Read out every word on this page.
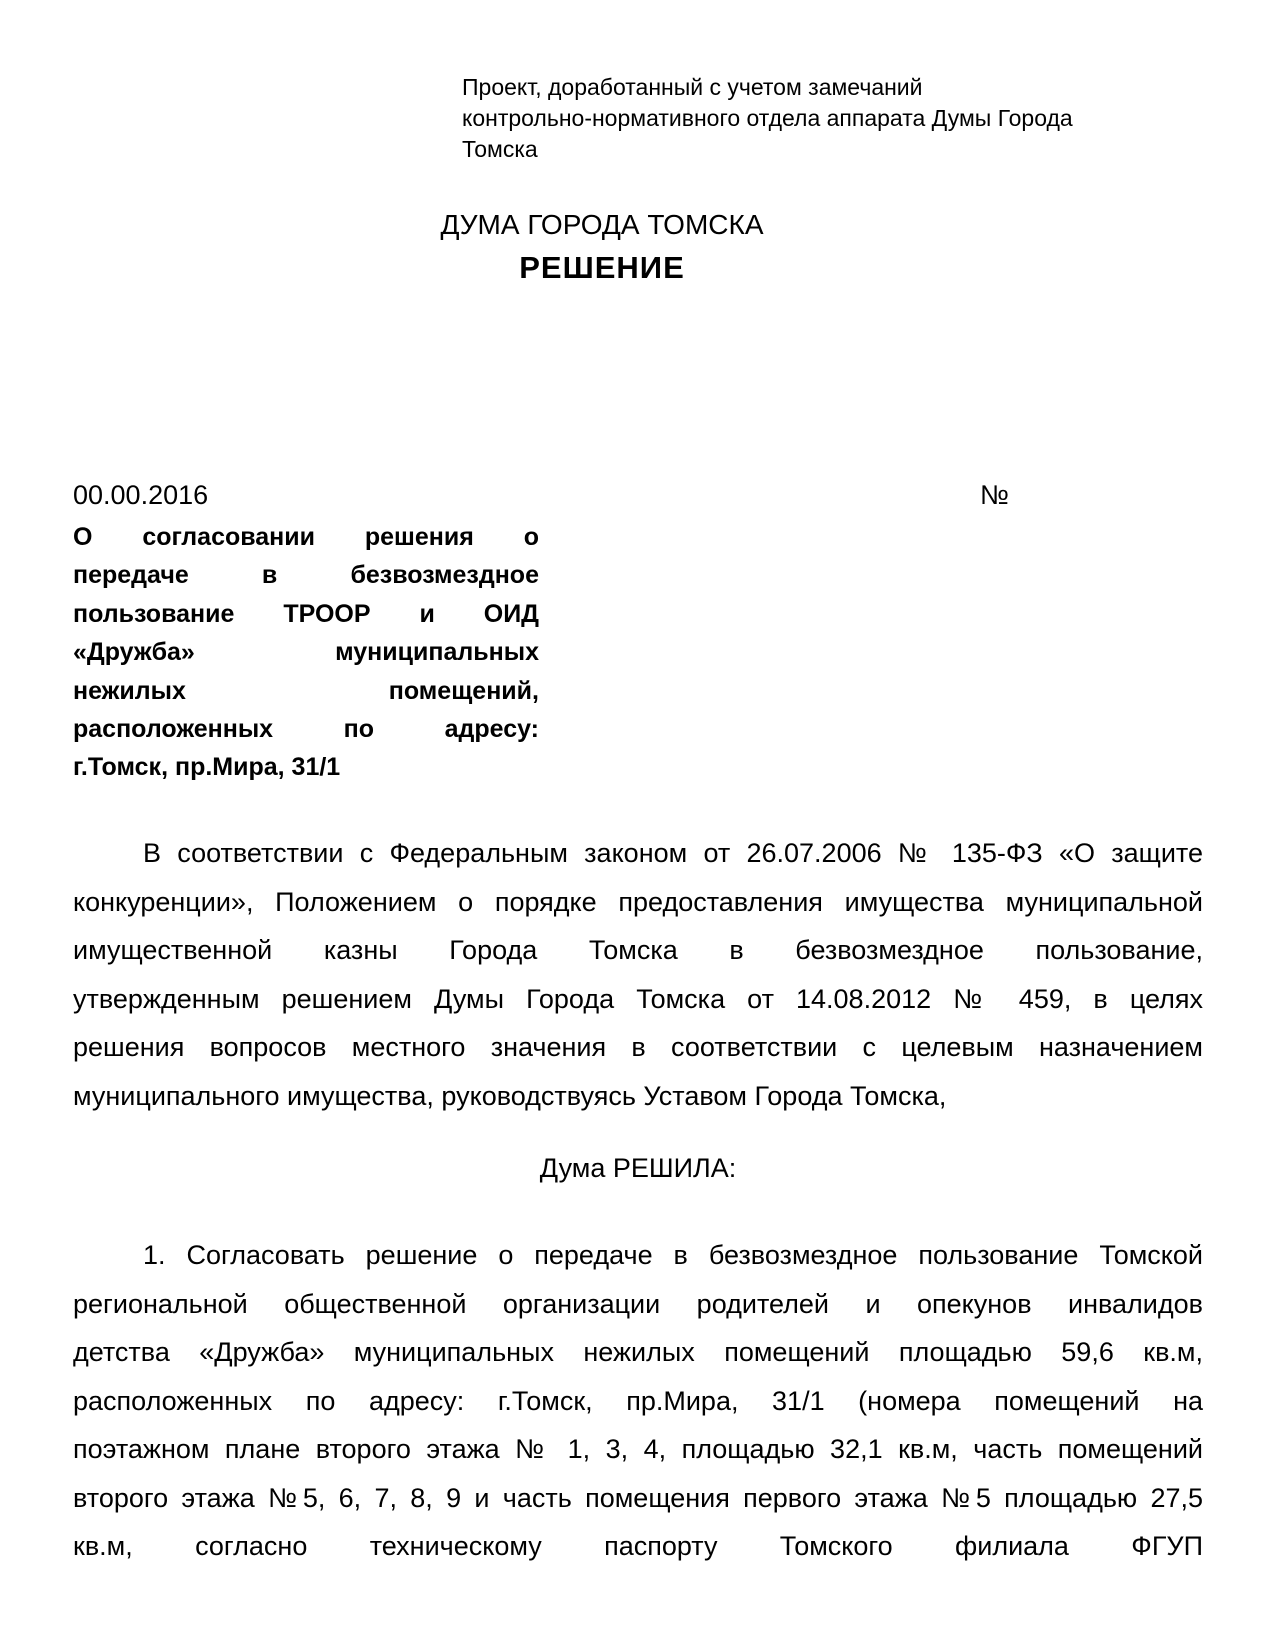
Проект, доработанный с учетом замечаний
контрольно-нормативного отдела аппарата Думы Города
Томска
ДУМА ГОРОДА ТОМСКА
РЕШЕНИЕ
00.00.2016	№
О согласовании решения о
передаче в безвозмездное
пользование ТРООР и ОИД
«Дружба» муниципальных
нежилых помещений,
расположенных по адресу:
г.Томск, пр.Мира, 31/1
В соответствии с Федеральным законом от 26.07.2006 № 135-ФЗ «О защите
конкуренции», Положением о порядке предоставления имущества муниципальной
имущественной казны Города Томска в безвозмездное пользование,
утвержденным решением Думы Города Томска от 14.08.2012 № 459, в целях
решения вопросов местного значения в соответствии с целевым назначением
муниципального имущества, руководствуясь Уставом Города Томска,
Дума РЕШИЛА:
1. Согласовать решение о передаче в безвозмездное пользование Томской
региональной общественной организации родителей и опекунов инвалидов
детства «Дружба» муниципальных нежилых помещений площадью 59,6 кв.м,
расположенных по адресу: г.Томск, пр.Мира, 31/1 (номера помещений на
поэтажном плане второго этажа № 1, 3, 4, площадью 32,1 кв.м, часть помещений
второго этажа №5, 6, 7, 8, 9 и часть помещения первого этажа №5 площадью 27,5
кв.м, согласно техническому паспорту Томского филиала ФГУП
